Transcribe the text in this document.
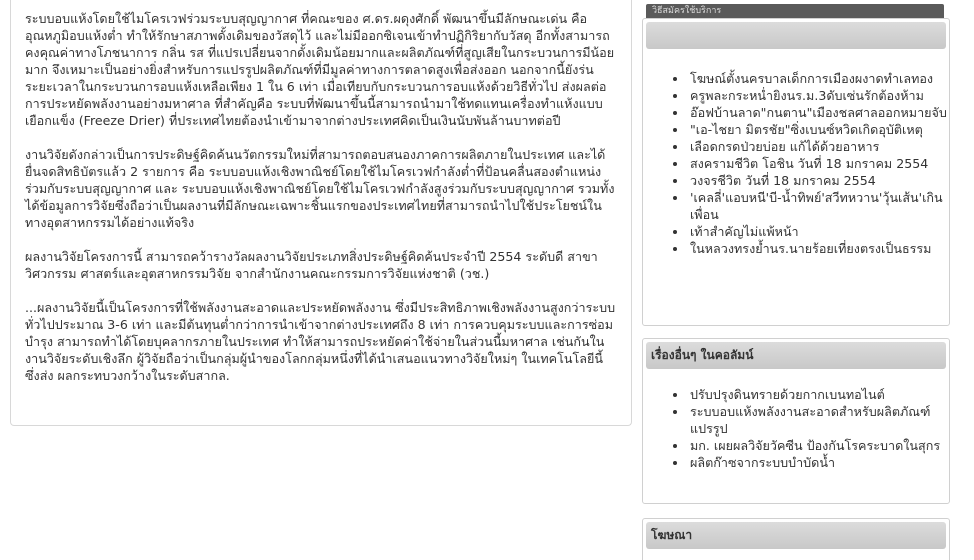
ระบบอบแห้งโดยใช้ไมโครเวฟร่วมระบบสุญญากาศ ที่คณะของ ศ.ดร.ผดุงศักดิ์ พัฒนาขึ้นมีลักษณะเด่น คือ อุณหภูมิอบแห้งต่ำ ทำให้รักษาสภาพดั้งเดิมของวัสดุไว้ และไม่มีออกซิเจนเข้าทำปฏิกิริยากับวัสดุ อีกทั้งสามารถคงคุณค่าทางโภชนาการ กลิ่น รส ที่แปรเปลี่ยนจากดั้งเดิมน้อยมากและผลิตภัณฑ์ที่สูญเสียในกระบวนการมีน้อยมาก จึงเหมาะเป็นอย่างยิ่งสำหรับการแปรรูปผลิตภัณฑ์ที่มีมูลค่าทางการตลาดสูงเพื่อส่งออก นอกจากนี้ยังร่นระยะเวลาในกระบวนการอบแห้งเหลือเพียง 1 ใน 6 เท่า เมื่อเทียบกับกระบวนการอบแห้งด้วยวิธีทั่วไป ส่งผลต่อการประหยัดพลังงานอย่างมหาศาล ที่สำคัญคือ ระบบที่พัฒนาขึ้นนี้สามารถนำมาใช้ทดแทนเครื่องทำแห้งแบบเยือกแข็ง (Freeze Drier) ที่ประเทศไทยต้องนำเข้ามาจากต่างประเทศคิดเป็นเงินนับพันล้านบาทต่อปี

งานวิจัยดังกล่าวเป็นการประดิษฐ์คิดค้นนวัตกรรมใหม่ที่สามารถตอบสนองภาคการผลิตภายในประเทศ และได้ยื่นจดสิทธิบัตรแล้ว 2 รายการ คือ ระบบอบแห้งเชิงพาณิชย์โดยใช้ไมโครเวฟกำลังต่ำที่ป้อนคลื่นสองตำแหน่งร่วมกับระบบสุญญากาศ และ ระบบอบแห้งเชิงพาณิชย์โดยใช้ไมโครเวฟกำลังสูงร่วมกับระบบสุญญากาศ รวมทั้งได้ข้อมูลการวิจัยซึ่งถือว่าเป็นผลงานที่มีลักษณะเฉพาะชิ้นแรกของประเทศไทยที่สามารถนำไปใช้ประโยชน์ในทางอุตสาหกรรมได้อย่างแท้จริง

ผลงานวิจัยโครงการนี้ สามารถคว้ารางวัลผลงานวิจัยประเภทสิ่งประดิษฐ์คิดค้นประจำปี 2554 ระดับดี สาขาวิศวกรรม ศาสตร์และอุตสาหกรรมวิจัย จากสำนักงานคณะกรรมการวิจัยแห่งชาติ (วช.)

...ผลงานวิจัยนี้เป็นโครงการที่ใช้พลังงานสะอาดและประหยัดพลังงาน ซึ่งมีประสิทธิภาพเชิงพลังงานสูงกว่าระบบทั่วไปประมาณ 3-6 เท่า และมีต้นทุนต่ำกว่าการนำเข้าจากต่างประเทศถึง 8 เท่า การควบคุมระบบและการซ่อมบำรุง สามารถทำได้โดยบุคลากรภายในประเทศ ทำให้สามารถประหยัดค่าใช้จ่ายในส่วนนี้มหาศาล เช่นกันในงานวิจัยระดับเชิงลึก ผู้วิจัยถือว่าเป็นกลุ่มผู้นำของโลกกลุ่มหนึ่งที่ได้นำเสนอแนวทางวิจัยใหม่ๆ ในเทคโนโลยีนี้ ซึ่งส่ง ผลกระทบวงกว้างในระดับสากล.

วิธีสมัครใช้บริการ
• โฆษณ์ตั้งนครบาลเด็กการเมืองผงาดทำเลทอง
• ครูพละกระหน่ำยิงนร.ม.3ดับเซ่นรักต้องห้าม
• อ๊อฟบ้านลาด"กนตาน"เมืองชลศาลออกหมายจับ
• "เอ-ไชยา มิตรชัย"ซิ่งเบนซ์หวิดเกิดอุบัติเหตุ
• เลือดกรดป่วยบ่อย แก้ได้ด้วยอาหาร
• สงครามชีวิต โอชิน วันที่ 18 มกราคม 2554
• วงจรชีวิต วันที่ 18 มกราคม 2554
• 'เคลลี่'แอบหนี'บี-น้ำทิพย์'สวีทหวาน'วุ้นเส้น'เกินเพื่อน
• เท้าสำคัญไม่แพ้หน้า
• ในหลวงทรงย้ำนร.นายร้อยเที่ยงตรงเป็นธรรม
เรื่องอื่นๆ ในคอลัมน์
• ปรับปรุงดินทรายด้วยกากเบนทอไนต์
• ระบบอบแห้งพลังงานสะอาดสำหรับผลิตภัณฑ์แปรรูป
• มก. เผยผลวิจัยวัคซีน ป้องกันโรคระบาดในสุกร
• ผลิตก๊าซจากระบบบำบัดน้ำ
โฆษณา
